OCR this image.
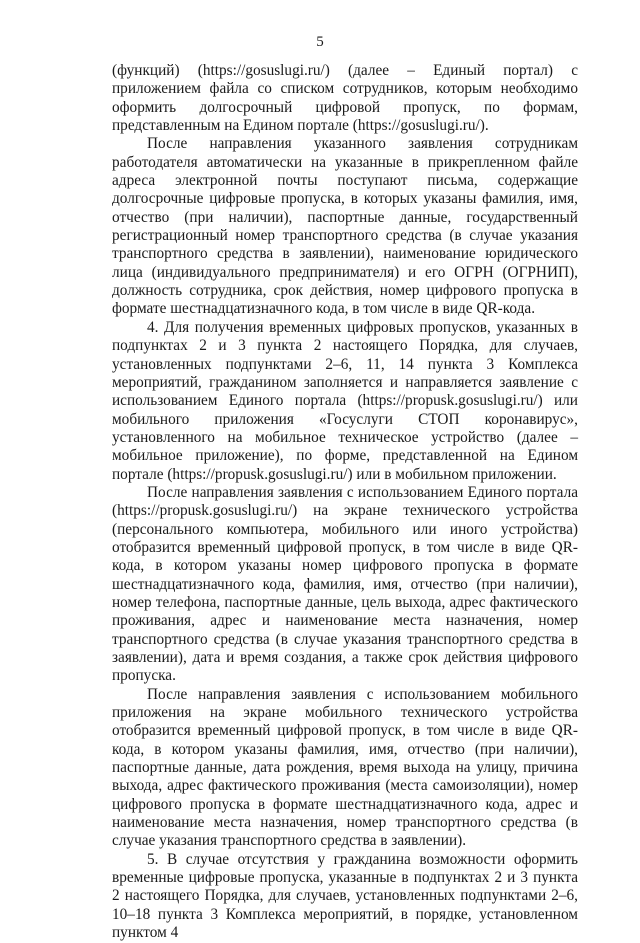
5

(функций) (https://gosuslugi.ru/) (далее – Единый портал) с приложением файла со списком сотрудников, которым необходимо оформить долгосрочный цифровой пропуск, по формам, представленным на Едином портале (https://gosuslugi.ru/).

После направления указанного заявления сотрудникам работодателя автоматически на указанные в прикрепленном файле адреса электронной почты поступают письма, содержащие долгосрочные цифровые пропуска, в которых указаны фамилия, имя, отчество (при наличии), паспортные данные, государственный регистрационный номер транспортного средства (в случае указания транспортного средства в заявлении), наименование юридического лица (индивидуального предпринимателя) и его ОГРН (ОГРНИП), должность сотрудника, срок действия, номер цифрового пропуска в формате шестнадцатизначного кода, в том числе в виде QR-кода.

4. Для получения временных цифровых пропусков, указанных в подпунктах 2 и 3 пункта 2 настоящего Порядка, для случаев, установленных подпунктами 2–6, 11, 14 пункта 3 Комплекса мероприятий, гражданином заполняется и направляется заявление с использованием Единого портала (https://propusk.gosuslugi.ru/) или мобильного приложения «Госуслуги СТОП коронавирус», установленного на мобильное техническое устройство (далее – мобильное приложение), по форме, представленной на Едином портале (https://propusk.gosuslugi.ru/) или в мобильном приложении.

После направления заявления с использованием Единого портала (https://propusk.gosuslugi.ru/) на экране технического устройства (персонального компьютера, мобильного или иного устройства) отобразится временный цифровой пропуск, в том числе в виде QR-кода, в котором указаны номер цифрового пропуска в формате шестнадцатизначного кода, фамилия, имя, отчество (при наличии), номер телефона, паспортные данные, цель выхода, адрес фактического проживания, адрес и наименование места назначения, номер транспортного средства (в случае указания транспортного средства в заявлении), дата и время создания, а также срок действия цифрового пропуска.

После направления заявления с использованием мобильного приложения на экране мобильного технического устройства отобразится временный цифровой пропуск, в том числе в виде QR-кода, в котором указаны фамилия, имя, отчество (при наличии), паспортные данные, дата рождения, время выхода на улицу, причина выхода, адрес фактического проживания (места самоизоляции), номер цифрового пропуска в формате шестнадцатизначного кода, адрес и наименование места назначения, номер транспортного средства (в случае указания транспортного средства в заявлении).

5. В случае отсутствия у гражданина возможности оформить временные цифровые пропуска, указанные в подпунктах 2 и 3 пункта 2 настоящего Порядка, для случаев, установленных подпунктами 2–6, 10–18 пункта 3 Комплекса мероприятий, в порядке, установленном пунктом 4
